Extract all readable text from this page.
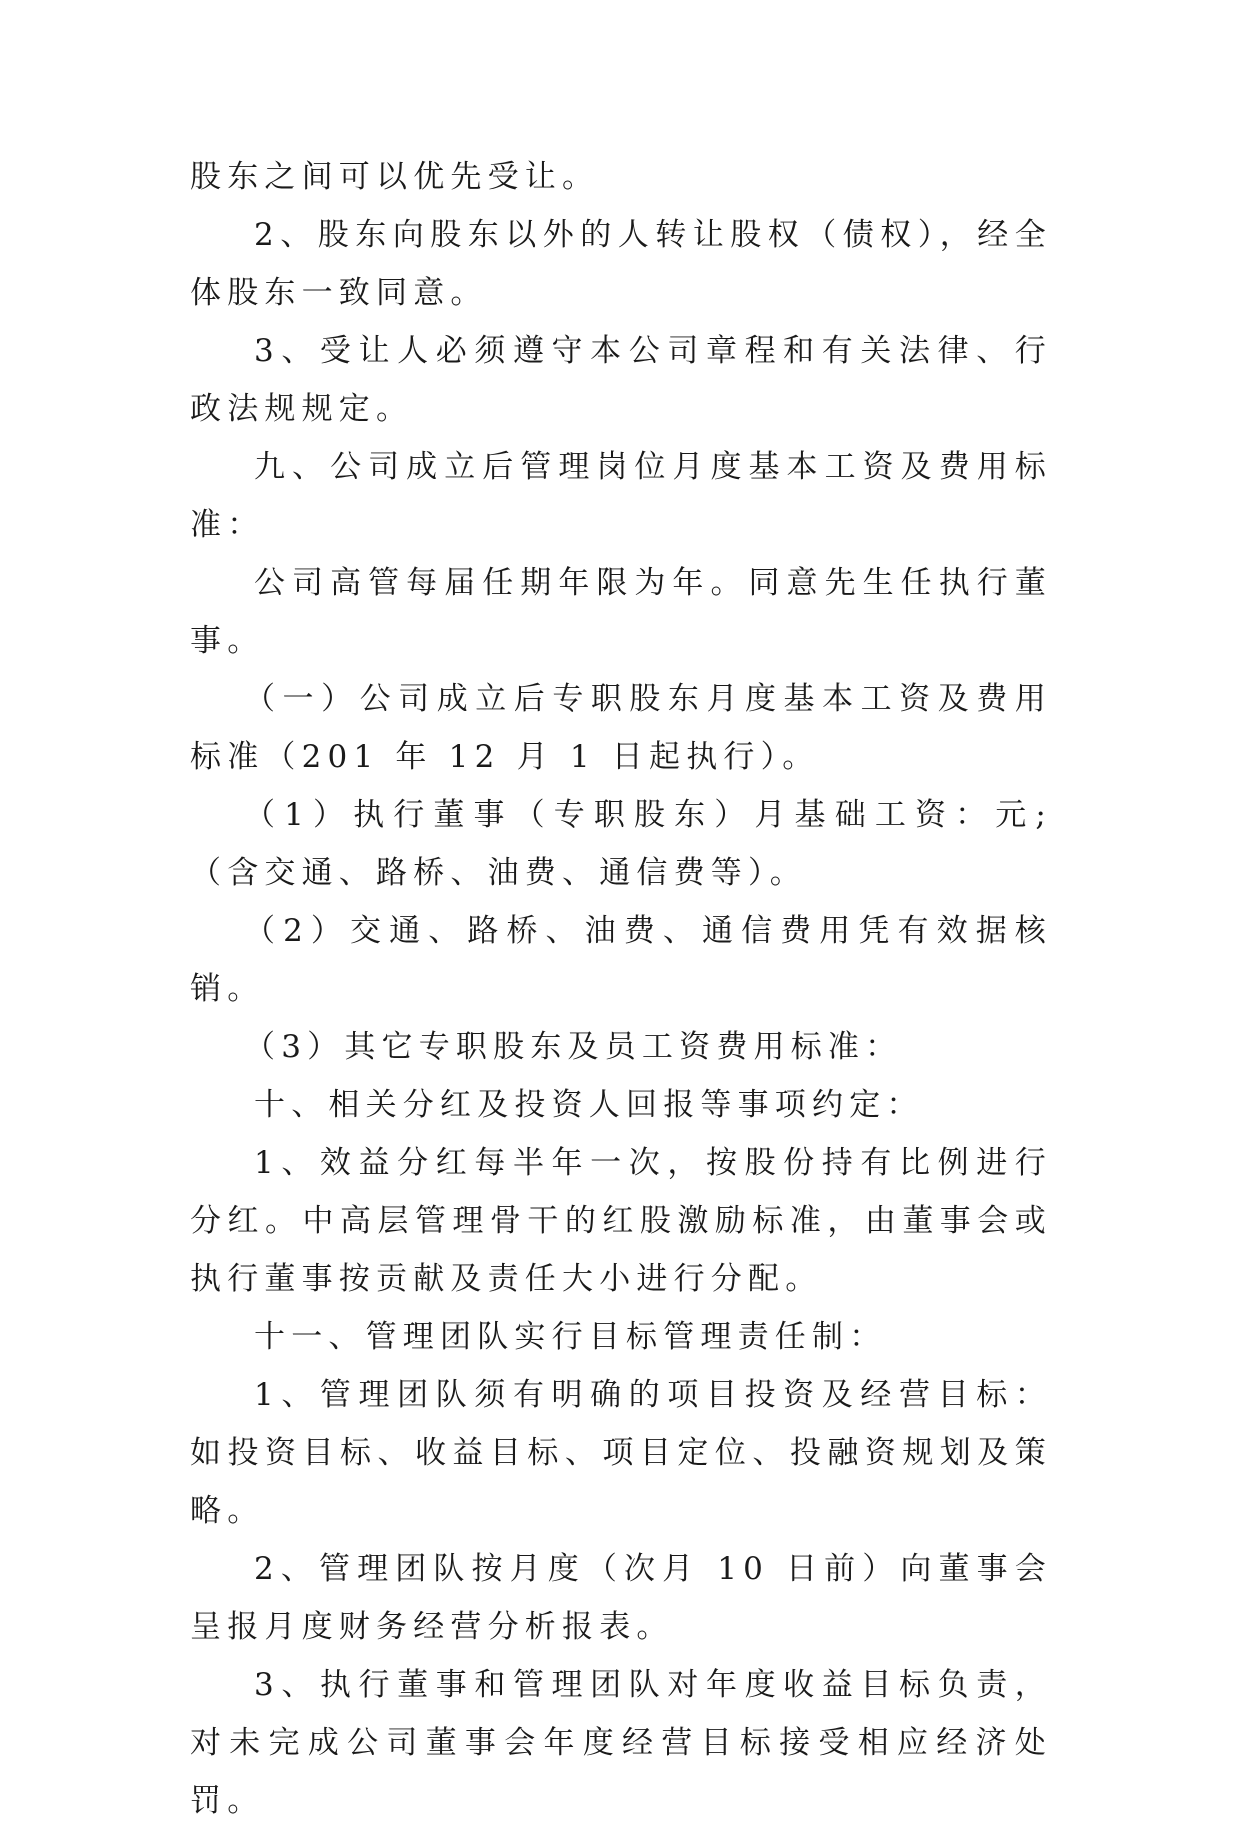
股东之间可以优先受让。

2、股东向股东以外的人转让股权（债权），经全体股东一致同意。

3、受让人必须遵守本公司章程和有关法律、行政法规规定。

九、公司成立后管理岗位月度基本工资及费用标准：

公司高管每届任期年限为年。同意先生任执行董事。

（一）公司成立后专职股东月度基本工资及费用标准（201 年 12 月 1 日起执行）。

（1）执行董事（专职股东）月基础工资：元;（含交通、路桥、油费、通信费等）。

（2）交通、路桥、油费、通信费用凭有效据核销。

（3）其它专职股东及员工资费用标准：

十、相关分红及投资人回报等事项约定：

1、效益分红每半年一次，按股份持有比例进行分红。中高层管理骨干的红股激励标准，由董事会或执行董事按贡献及责任大小进行分配。

十一、管理团队实行目标管理责任制：

1、管理团队须有明确的项目投资及经营目标：如投资目标、收益目标、项目定位、投融资规划及策略。

2、管理团队按月度（次月 10 日前）向董事会呈报月度财务经营分析报表。

3、执行董事和管理团队对年度收益目标负责，对未完成公司董事会年度经营目标接受相应经济处罚。
